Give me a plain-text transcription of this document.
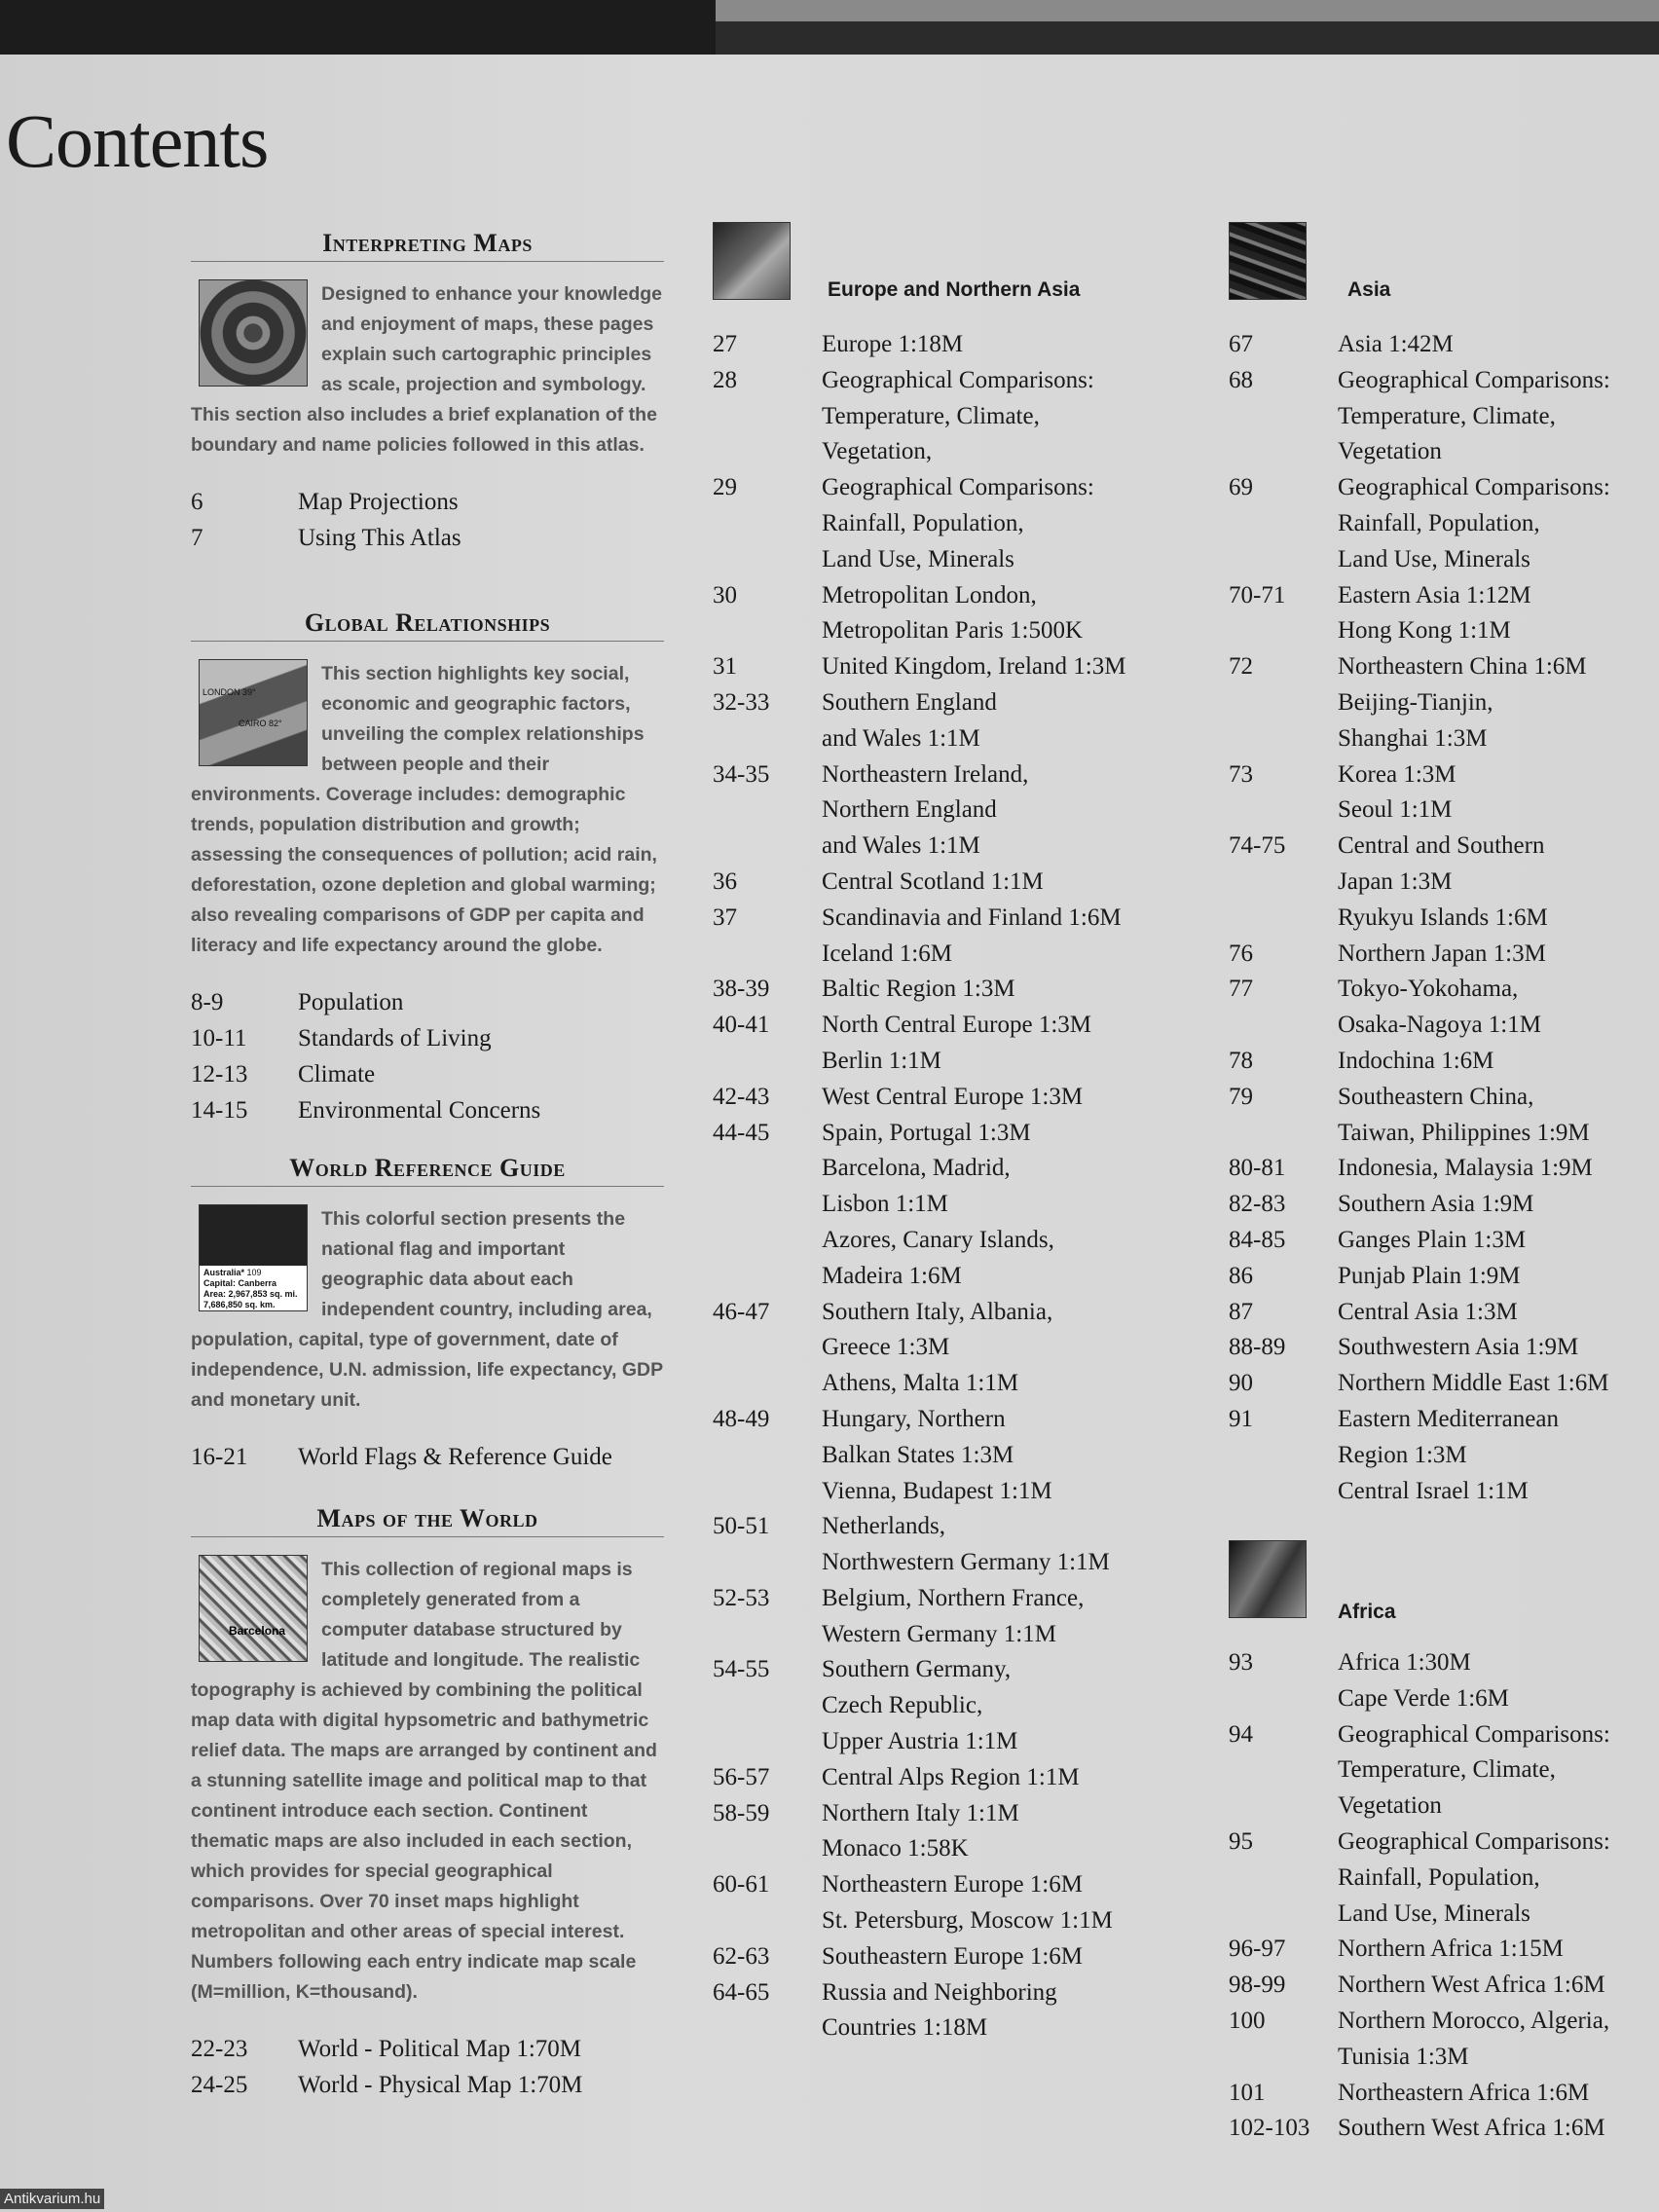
Contents
Interpreting Maps

Designed to enhance your knowledge and enjoyment of maps, these pages explain such cartographic principles as scale, projection and symbology. This section also includes a brief explanation of the boundary and name policies followed in this atlas.

6	Map Projections
7	Using This Atlas
Global Relationships

LONDON 39°
CAIRO 82°
This section highlights key social, economic and geographic factors, unveiling the complex relationships between people and their environments. Coverage includes: demographic trends, population distribution and growth; assessing the consequences of pollution; acid rain, deforestation, ozone depletion and global warming; also revealing comparisons of GDP per capita and literacy and life expectancy around the globe.

8-9	Population
10-11	Standards of Living
12-13	Climate
14-15	Environmental Concerns
World Reference Guide

Australia* 109
Capital: Canberra
Area: 2,967,853 sq. mi. 7,686,850 sq. km.
This colorful section presents the national flag and important geographic data about each independent country, including area, population, capital, type of government, date of independence, U.N. admission, life expectancy, GDP and monetary unit.

16-21	World Flags & Reference Guide
Maps of the World

Barcelona
This collection of regional maps is completely generated from a computer database structured by latitude and longitude. The realistic topography is achieved by combining the political map data with digital hypsometric and bathymetric relief data. The maps are arranged by continent and a stunning satellite image and political map to that continent introduce each section. Continent thematic maps are also included in each section, which provides for special geographical comparisons. Over 70 inset maps highlight metropolitan and other areas of special interest. Numbers following each entry indicate map scale (M=million, K=thousand).

22-23	World - Political Map 1:70M
24-25	World - Physical Map 1:70M
Europe and Northern Asia
27	Europe 1:18M
28	Geographical Comparisons:
Temperature, Climate,
Vegetation,
29	Geographical Comparisons:
Rainfall, Population,
Land Use, Minerals
30	Metropolitan London,
Metropolitan Paris 1:500K
31	United Kingdom, Ireland 1:3M
32-33	Southern England
and Wales 1:1M
34-35	Northeastern Ireland,
Northern England
and Wales 1:1M
36	Central Scotland 1:1M
37	Scandinavia and Finland 1:6M
Iceland 1:6M
38-39	Baltic Region 1:3M
40-41	North Central Europe 1:3M
Berlin 1:1M
42-43	West Central Europe 1:3M
44-45	Spain, Portugal 1:3M
Barcelona, Madrid,
Lisbon 1:1M
Azores, Canary Islands,
Madeira 1:6M
46-47	Southern Italy, Albania,
Greece 1:3M
Athens, Malta 1:1M
48-49	Hungary, Northern
Balkan States 1:3M
Vienna, Budapest 1:1M
50-51	Netherlands,
Northwestern Germany 1:1M
52-53	Belgium, Northern France,
Western Germany 1:1M
54-55	Southern Germany,
Czech Republic,
Upper Austria 1:1M
56-57	Central Alps Region 1:1M
58-59	Northern Italy 1:1M
Monaco 1:58K
60-61	Northeastern Europe 1:6M
St. Petersburg, Moscow 1:1M
62-63	Southeastern Europe 1:6M
64-65	Russia and Neighboring
Countries 1:18M
Asia
67	Asia 1:42M
68	Geographical Comparisons:
Temperature, Climate,
Vegetation
69	Geographical Comparisons:
Rainfall, Population,
Land Use, Minerals
70-71	Eastern Asia 1:12M
Hong Kong 1:1M
72	Northeastern China 1:6M
Beijing-Tianjin,
Shanghai 1:3M
73	Korea 1:3M
Seoul 1:1M
74-75	Central and Southern
Japan 1:3M
Ryukyu Islands 1:6M
76	Northern Japan 1:3M
77	Tokyo-Yokohama,
Osaka-Nagoya 1:1M
78	Indochina 1:6M
79	Southeastern China,
Taiwan, Philippines 1:9M
80-81	Indonesia, Malaysia 1:9M
82-83	Southern Asia 1:9M
84-85	Ganges Plain 1:3M
86	Punjab Plain 1:9M
87	Central Asia 1:3M
88-89	Southwestern Asia 1:9M
90	Northern Middle East 1:6M
91	Eastern Mediterranean
Region 1:3M
Central Israel 1:1M
Africa
93	Africa 1:30M
Cape Verde 1:6M
94	Geographical Comparisons:
Temperature, Climate,
Vegetation
95	Geographical Comparisons:
Rainfall, Population,
Land Use, Minerals
96-97	Northern Africa 1:15M
98-99	Northern West Africa 1:6M
100	Northern Morocco, Algeria,
Tunisia 1:3M
101	Northeastern Africa 1:6M
102-103	Southern West Africa 1:6M
Antikvarium.hu
